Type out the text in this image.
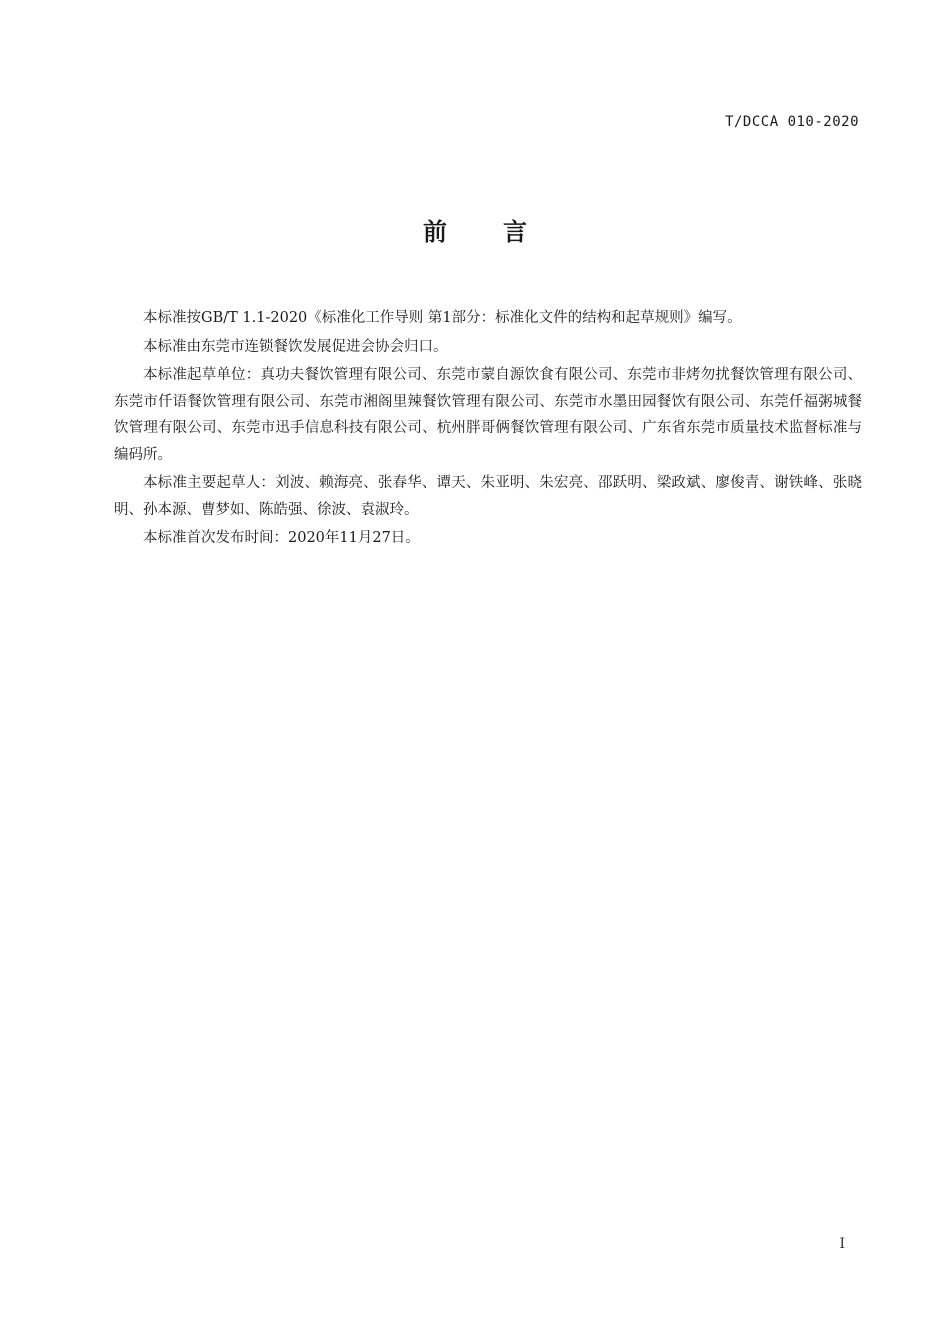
T/DCCA 010-2020
前言

本标准按GB/T 1.1-2020《标准化工作导则 第1部分：标准化文件的结构和起草规则》编写。

本标准由东莞市连锁餐饮发展促进会协会归口。

本标准起草单位：真功夫餐饮管理有限公司、东莞市蒙自源饮食有限公司、东莞市非烤勿扰餐饮管理有限公司、东莞市仟语餐饮管理有限公司、东莞市湘阁里辣餐饮管理有限公司、东莞市水墨田园餐饮有限公司、东莞仟福粥城餐饮管理有限公司、东莞市迅手信息科技有限公司、杭州胖哥俩餐饮管理有限公司、广东省东莞市质量技术监督标准与编码所。

本标准主要起草人：刘波、赖海亮、张春华、谭天、朱亚明、朱宏亮、邵跃明、梁政斌、廖俊青、谢铁峰、张晓明、孙本源、曹梦如、陈皓强、徐波、袁淑玲。

本标准首次发布时间：2020年11月27日。

I
